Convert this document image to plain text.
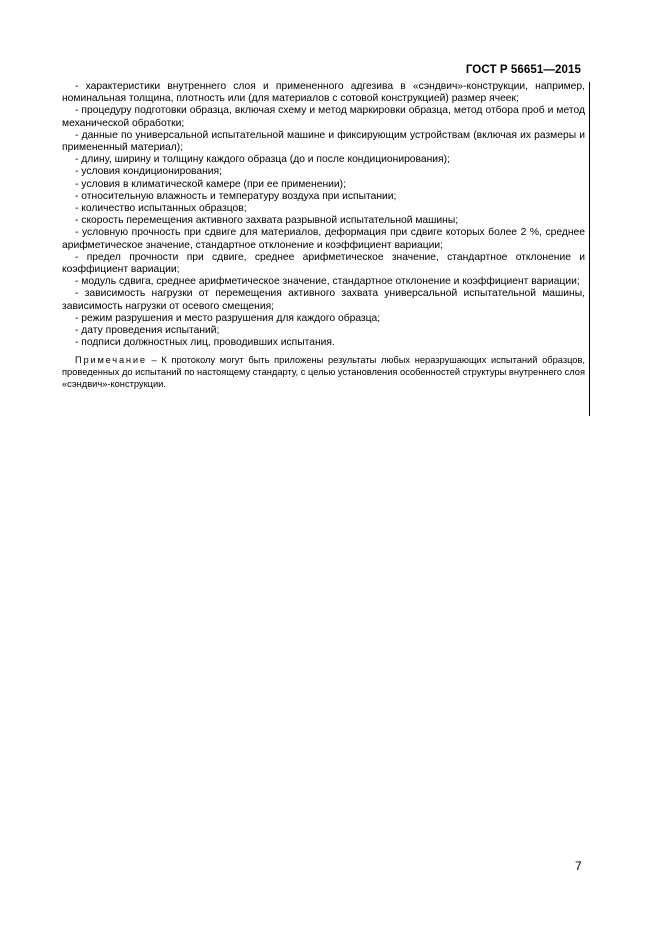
ГОСТ Р 56651—2015

- характеристики внутреннего слоя и примененного адгезива в «сэндвич»-конструкции, например, номинальная толщина, плотность или (для материалов с сотовой конструкцией) размер ячеек;

- процедуру подготовки образца, включая схему и метод маркировки образца, метод отбора проб и метод механической обработки;

- данные по универсальной испытательной машине и фиксирующим устройствам (включая их размеры и примененный материал);

- длину, ширину и толщину каждого образца (до и после кондиционирования);

- условия кондиционирования;

- условия в климатической камере (при ее применении);

- относительную влажность и температуру воздуха при испытании;

- количество испытанных образцов;

- скорость перемещения активного захвата разрывной испытательной машины;

- условную прочность при сдвиге для материалов, деформация при сдвиге которых более 2 %, среднее арифметическое значение, стандартное отклонение и коэффициент вариации;

- предел прочности при сдвиге, среднее арифметическое значение, стандартное отклонение и коэффициент вариации;

- модуль сдвига, среднее арифметическое значение, стандартное отклонение и коэффициент вариации;

- зависимость нагрузки от перемещения активного захвата универсальной испытательной машины, зависимость нагрузки от осевого смещения;

- режим разрушения и место разрушения для каждого образца;

- дату проведения испытаний;

- подписи должностных лиц, проводивших испытания.

Примечание – К протоколу могут быть приложены результаты любых неразрушающих испытаний образцов, проведенных до испытаний по настоящему стандарту, с целью установления особенностей структуры внутреннего слоя «сэндвич»-конструкции.

7
